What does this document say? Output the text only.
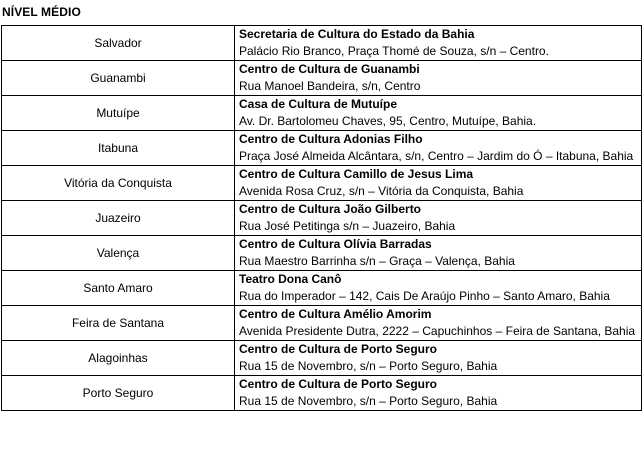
NÍVEL MÉDIO
Salvador	Secretaria de Cultura do Estado da Bahia
Palácio Rio Branco, Praça Thomé de Souza, s/n – Centro.

Guanambi	Centro de Cultura de Guanambi
Rua Manoel Bandeira, s/n, Centro

Mutuípe	Casa de Cultura de Mutuípe
Av. Dr. Bartolomeu Chaves, 95, Centro, Mutuípe, Bahia.

Itabuna	Centro de Cultura Adonias Filho
Praça José Almeida Alcântara, s/n, Centro – Jardim do Ó – Itabuna, Bahia

Vitória da Conquista	Centro de Cultura Camillo de Jesus Lima
Avenida Rosa Cruz, s/n – Vitória da Conquista, Bahia

Juazeiro	Centro de Cultura João Gilberto
Rua José Petitinga s/n – Juazeiro, Bahia

Valença	Centro de Cultura Olívia Barradas
Rua Maestro Barrinha s/n – Graça – Valença, Bahia

Santo Amaro	Teatro Dona Canô
Rua do Imperador – 142, Cais De Araújo Pinho – Santo Amaro, Bahia

Feira de Santana	Centro de Cultura Amélio Amorim
Avenida Presidente Dutra, 2222 – Capuchinhos – Feira de Santana, Bahia

Alagoinhas	Centro de Cultura de Porto Seguro
Rua 15 de Novembro, s/n – Porto Seguro, Bahia

Porto Seguro	Centro de Cultura de Porto Seguro
Rua 15 de Novembro, s/n – Porto Seguro, Bahia
